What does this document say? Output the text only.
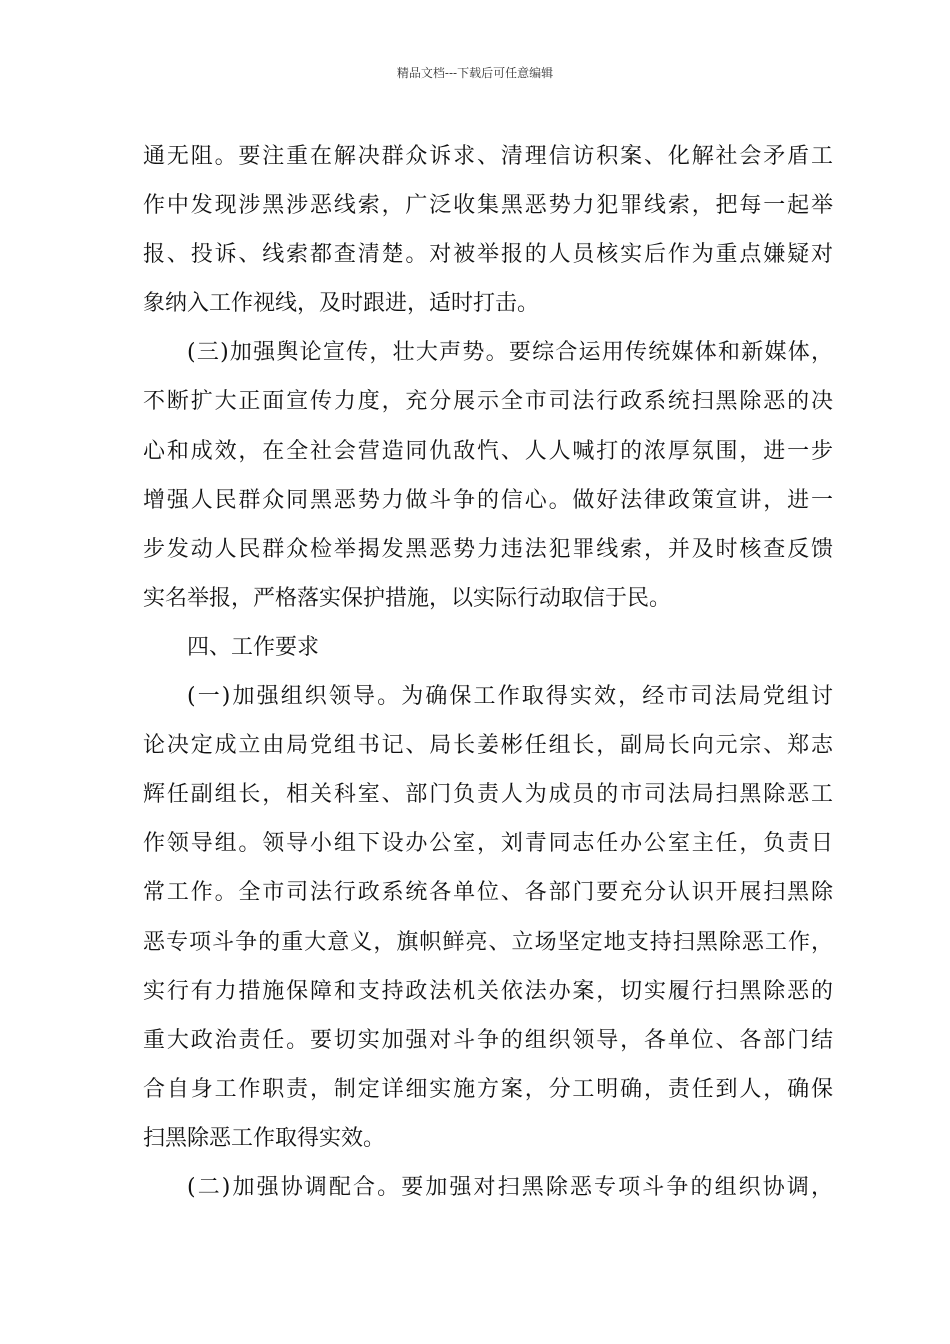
精品文档---下载后可任意编辑
通无阻。要注重在解决群众诉求、清理信访积案、化解社会矛盾工
作中发现涉黑涉恶线索，广泛收集黑恶势力犯罪线索，把每一起举
报、投诉、线索都查清楚。对被举报的人员核实后作为重点嫌疑对
象纳入工作视线，及时跟进，适时打击。
(三)加强舆论宣传，壮大声势。要综合运用传统媒体和新媒体，
不断扩大正面宣传力度，充分展示全市司法行政系统扫黑除恶的决
心和成效，在全社会营造同仇敌忾、人人喊打的浓厚氛围，进一步
增强人民群众同黑恶势力做斗争的信心。做好法律政策宣讲，进一
步发动人民群众检举揭发黑恶势力违法犯罪线索，并及时核查反馈
实名举报，严格落实保护措施，以实际行动取信于民。
四、工作要求
(一)加强组织领导。为确保工作取得实效，经市司法局党组讨
论决定成立由局党组书记、局长姜彬任组长，副局长向元宗、郑志
辉任副组长，相关科室、部门负责人为成员的市司法局扫黑除恶工
作领导组。领导小组下设办公室，刘青同志任办公室主任，负责日
常工作。全市司法行政系统各单位、各部门要充分认识开展扫黑除
恶专项斗争的重大意义，旗帜鲜亮、立场坚定地支持扫黑除恶工作，
实行有力措施保障和支持政法机关依法办案，切实履行扫黑除恶的
重大政治责任。要切实加强对斗争的组织领导，各单位、各部门结
合自身工作职责，制定详细实施方案，分工明确，责任到人，确保
扫黑除恶工作取得实效。
(二)加强协调配合。要加强对扫黑除恶专项斗争的组织协调，
